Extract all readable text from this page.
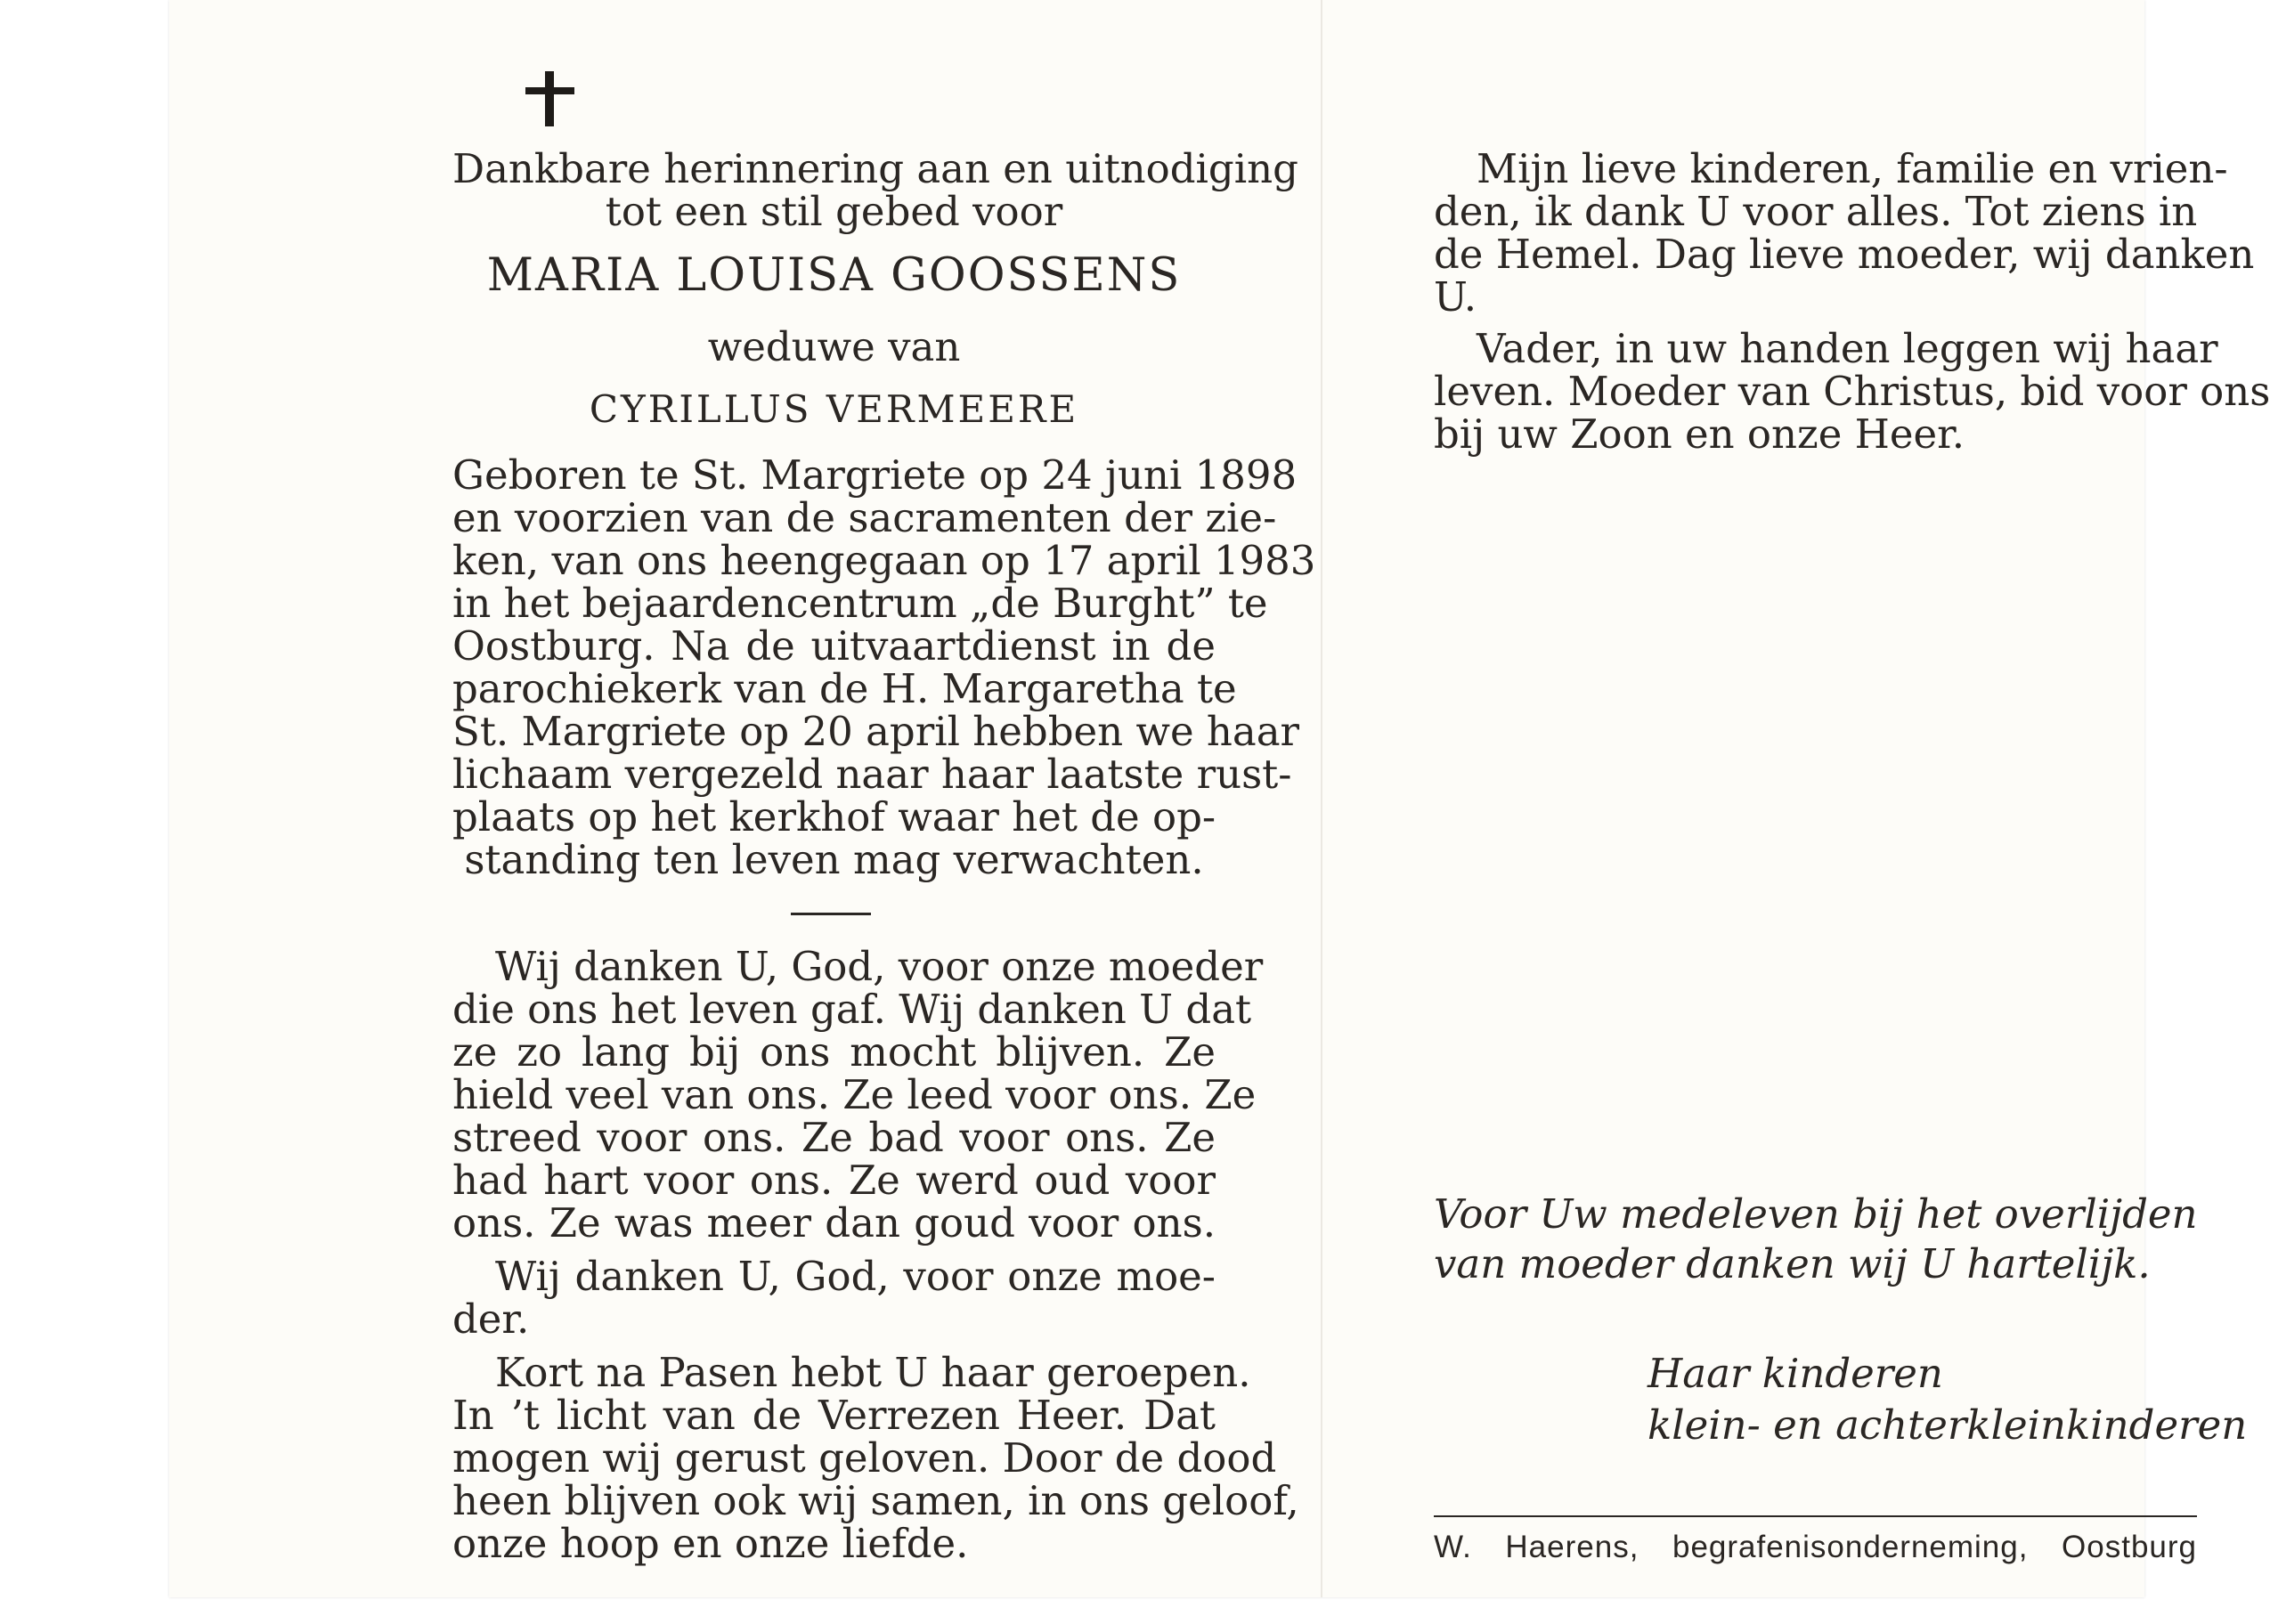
Dankbare herinnering aan en uitnodiging
tot een stil gebed voor
MARIA LOUISA GOOSSENS
weduwe van
CYRILLUS VERMEERE
Geboren te St. Margriete op 24 juni 1898
en voorzien van de sacramenten der zie-
ken, van ons heengegaan op 17 april 1983
in het bejaardencentrum „de Burght” te
Oostburg. Na de uitvaartdienst in de
parochiekerk van de H. Margaretha te
St. Margriete op 20 april hebben we haar
lichaam vergezeld naar haar laatste rust-
plaats op het kerkhof waar het de op-
standing ten leven mag verwachten.
Wij danken U, God, voor onze moeder
die ons het leven gaf. Wij danken U dat
ze zo lang bij ons mocht blijven. Ze
hield veel van ons. Ze leed voor ons. Ze
streed voor ons. Ze bad voor ons. Ze
had hart voor ons. Ze werd oud voor
ons. Ze was meer dan goud voor ons.
Wij danken U, God, voor onze moe-
der.
Kort na Pasen hebt U haar geroepen.
In ’t licht van de Verrezen Heer. Dat
mogen wij gerust geloven. Door de dood
heen blijven ook wij samen, in ons geloof,
onze hoop en onze liefde.
Mijn lieve kinderen, familie en vrien-
den, ik dank U voor alles. Tot ziens in
de Hemel. Dag lieve moeder, wij danken
U.
Vader, in uw handen leggen wij haar
leven. Moeder van Christus, bid voor ons
bij uw Zoon en onze Heer.
Voor Uw medeleven bij het overlijden
van moeder danken wij U hartelijk.
Haar kinderen
klein- en achterkleinkinderen
W. Haerens, begrafenisonderneming, Oostburg
